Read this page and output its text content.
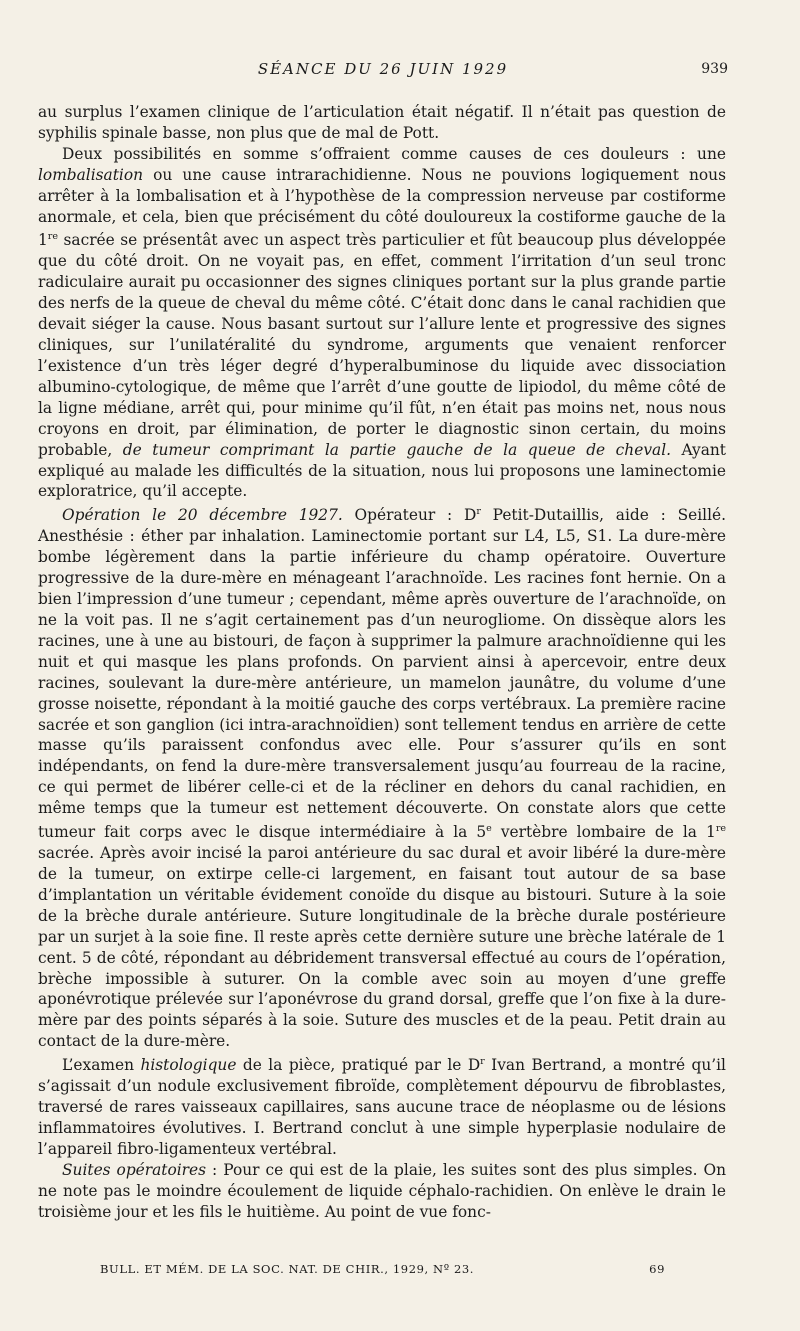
SÉANCE DU 26 JUIN 1929	939

au surplus l’examen clinique de l’articulation était négatif. Il n’était pas question de syphilis spinale basse, non plus que de mal de Pott.

Deux possibilités en somme s’offraient comme causes de ces douleurs : une lombalisation ou une cause intrarachidienne. Nous ne pouvions logiquement nous arrêter à la lombalisation et à l’hypothèse de la compression nerveuse par costiforme anormale, et cela, bien que précisément du côté douloureux la costiforme gauche de la 1re sacrée se présentât avec un aspect très particulier et fût beaucoup plus développée que du côté droit. On ne voyait pas, en effet, comment l’irritation d’un seul tronc radiculaire aurait pu occasionner des signes cliniques portant sur la plus grande partie des nerfs de la queue de cheval du même côté. C’était donc dans le canal rachidien que devait siéger la cause. Nous basant surtout sur l’allure lente et progressive des signes cliniques, sur l’unilatéralité du syndrome, arguments que venaient renforcer l’existence d’un très léger degré d’hyperalbuminose du liquide avec dissociation albumino-cytologique, de même que l’arrêt d’une goutte de lipiodol, du même côté de la ligne médiane, arrêt qui, pour minime qu’il fût, n’en était pas moins net, nous nous croyons en droit, par élimination, de porter le diagnostic sinon certain, du moins probable, de tumeur comprimant la partie gauche de la queue de cheval. Ayant expliqué au malade les difficultés de la situation, nous lui proposons une laminectomie exploratrice, qu’il accepte.

Opération le 20 décembre 1927. Opérateur : $D^r$ Petit-Dutaillis, aide : Seillé. Anesthésie : éther par inhalation. Laminectomie portant sur L4, L5, S1. La dure-mère bombe légèrement dans la partie inférieure du champ opératoire. Ouverture progressive de la dure-mère en ménageant l’arachnoïde. Les racines font hernie. On a bien l’impression d’une tumeur ; cependant, même après ouverture de l’arachnoïde, on ne la voit pas. Il ne s’agit certainement pas d’un neurogliome. On dissèque alors les racines, une à une au bistouri, de façon à supprimer la palmure arachnoïdienne qui les nuit et qui masque les plans profonds. On parvient ainsi à apercevoir, entre deux racines, soulevant la dure-mère antérieure, un mamelon jaunâtre, du volume d’une grosse noisette, répondant à la moitié gauche des corps vertébraux. La première racine sacrée et son ganglion (ici intra-arachnoïdien) sont tellement tendus en arrière de cette masse qu’ils paraissent confondus avec elle. Pour s’assurer qu’ils en sont indépendants, on fend la dure-mère transversalement jusqu’au fourreau de la racine, ce qui permet de libérer celle-ci et de la récliner en dehors du canal rachidien, en même temps que la tumeur est nettement découverte. On constate alors que cette tumeur fait corps avec le disque intermédiaire à la 5e vertèbre lombaire de la 1re sacrée. Après avoir incisé la paroi antérieure du sac dural et avoir libéré la dure-mère de la tumeur, on extirpe celle-ci largement, en faisant tout autour de sa base d’implantation un véritable évidement conoïde du disque au bistouri. Suture à la soie de la brèche durale antérieure. Suture longitudinale de la brèche durale postérieure par un surjet à la soie fine. Il reste après cette dernière suture une brèche latérale de 1 cent. 5 de côté, répondant au débridement transversal effectué au cours de l’opération, brèche impossible à suturer. On la comble avec soin au moyen d’une greffe aponévrotique prélevée sur l’aponévrose du grand dorsal, greffe que l’on fixe à la dure-mère par des points séparés à la soie. Suture des muscles et de la peau. Petit drain au contact de la dure-mère.

L’examen histologique de la pièce, pratiqué par le $D^r$ Ivan Bertrand, a montré qu’il s’agissait d’un nodule exclusivement fibroïde, complètement dépourvu de fibroblastes, traversé de rares vaisseaux capillaires, sans aucune trace de néoplasme ou de lésions inflammatoires évolutives. I. Bertrand conclut à une simple hyperplasie nodulaire de l’appareil fibro-ligamenteux vertébral.

Suites opératoires : Pour ce qui est de la plaie, les suites sont des plus simples. On ne note pas le moindre écoulement de liquide céphalo-rachidien. On enlève le drain le troisième jour et les fils le huitième. Au point de vue fonc-

BULL. ET MÉM. DE LA SOC. NAT. DE CHIR., 1929, Nº 23.	69
